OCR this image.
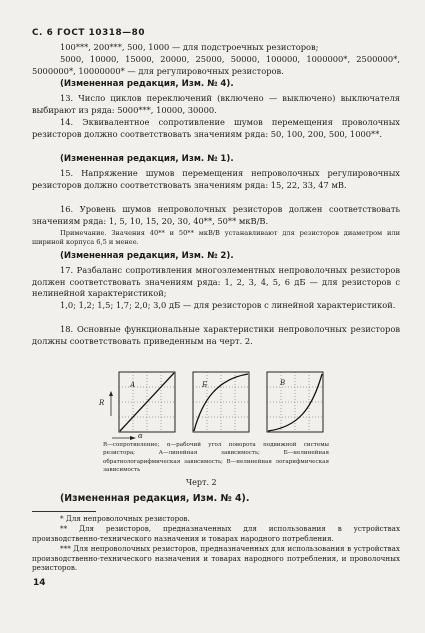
С. 6 ГОСТ 10318—80

100***, 200***, 500, 1000 — для подстроечных резисторов;

5000, 10000, 15000, 20000, 25000, 50000, 100000, 1000000*, 2500000*, 5000000*, 10000000* — для регулировочных резисторов.

(Измененная редакция, Изм. № 4).

13. Число циклов переключений (включено — выключено) выключателя выбирают из ряда: 5000***, 10000, 30000.

14. Эквивалентное сопротивление шумов перемещения проволочных резисторов должно соответствовать значениям ряда: 50, 100, 200, 500, 1000**.

(Измененная редакция, Изм. № 1).

15. Напряжение шумов перемещения непроволочных регулировочных резисторов должно соответствовать значениям ряда: 15, 22, 33, 47 мВ.

16. Уровень шумов непроволочных резисторов должен соответствовать значениям ряда: 1, 5, 10, 15, 20, 30, 40**, 50** мкВ/В.

Примечание. Значения 40** и 50** мкВ/В устанавливают для резисторов диаметром или шириной корпуса 6,5 и менее.

(Измененная редакция, Изм. № 2).

17. Разбаланс сопротивления многоэлементных непроволочных резисторов должен соответствовать значениям ряда: 1, 2, 3, 4, 5, 6 дБ — для резисторов с нелинейной характеристикой;

1,0; 1,2; 1,5; 1,7; 2,0; 3,0 дБ — для резисторов с линейной характеристикой.

18. Основные функциональные характеристики непроволочных резисторов должны соответствовать приведенным на черт. 2.

А	Б	В
R
α

R—сопротивление; α—рабочий угол поворота подвижной системы резистора; А—линейная зависимость; Б—нелинейная обратнологарифмическая зависимость; В—нелинейная логарифмическая зависимость

Черт. 2

(Измененная редакция, Изм. № 4).

* Для непроволочных резисторов.

** Для резисторов, предназначенных для использования в устройствах производственно-технического назначения и товарах народного потребления.

*** Для непроволочных резисторов, предназначенных для использования в устройствах производственно-технического назначения и товарах народного потребления, и проволочных резисторов.

14
